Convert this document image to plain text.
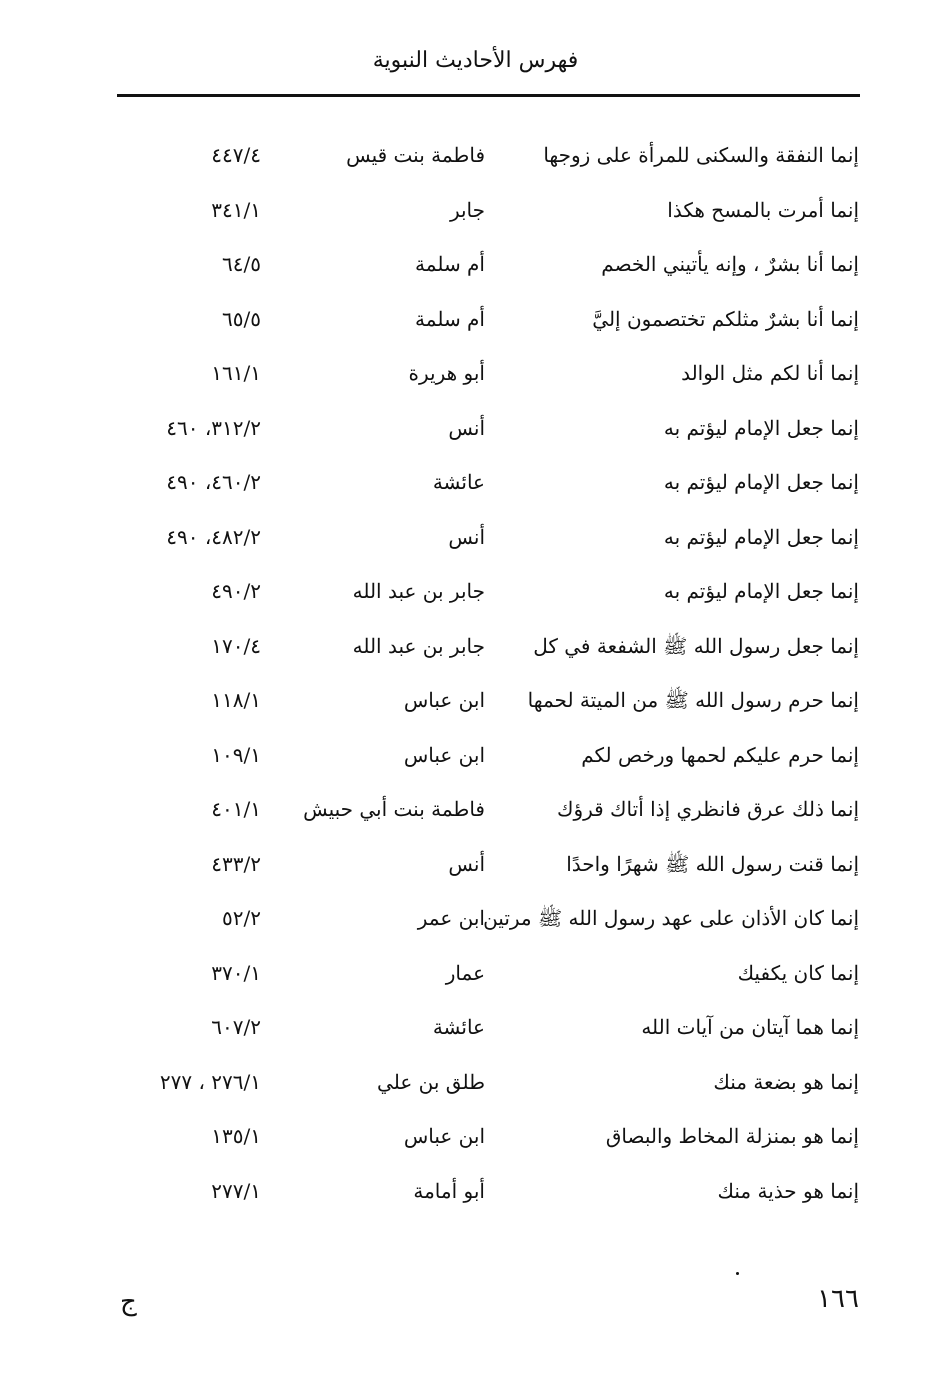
فهرس الأحاديث النبوية
إنما النفقة والسكنى للمرأة على زوجها
فاطمة بنت قيس
٤٤٧/٤
إنما أمرت بالمسح هكذا
جابر
٣٤١/١
إنما أنا بشرٌ ، وإنه يأتيني الخصم
أم سلمة
٦٤/٥
إنما أنا بشرٌ مثلكم تختصمون إليَّ
أم سلمة
٦٥/٥
إنما أنا لكم مثل الوالد
أبو هريرة
١٦١/١
إنما جعل الإمام ليؤتم به
أنس
٣١٢/٢، ٤٦٠
إنما جعل الإمام ليؤتم به
عائشة
٤٦٠/٢، ٤٩٠
إنما جعل الإمام ليؤتم به
أنس
٤٨٢/٢، ٤٩٠
إنما جعل الإمام ليؤتم به
جابر بن عبد الله
٤٩٠/٢
إنما جعل رسول الله ﷺ الشفعة في كل
جابر بن عبد الله
١٧٠/٤
إنما حرم رسول الله ﷺ من الميتة لحمها
ابن عباس
١١٨/١
إنما حرم عليكم لحمها ورخص لكم
ابن عباس
١٠٩/١
إنما ذلك عرق فانظري إذا أتاك قرؤك
فاطمة بنت أبي حبيش
٤٠١/١
إنما قنت رسول الله ﷺ شهرًا واحدًا
أنس
٤٣٣/٢
إنما كان الأذان على عهد رسول الله ﷺ مرتين
ابن عمر
٥٢/٢
إنما كان يكفيك
عمار
٣٧٠/١
إنما هما آيتان من آيات الله
عائشة
٦٠٧/٢
إنما هو بضعة منك
طلق بن علي
٢٧٦/١ ، ٢٧٧
إنما هو بمنزلة المخاط والبصاق
ابن عباس
١٣٥/١
إنما هو حذية منك
أبو أمامة
٢٧٧/١
١٦٦
ج
